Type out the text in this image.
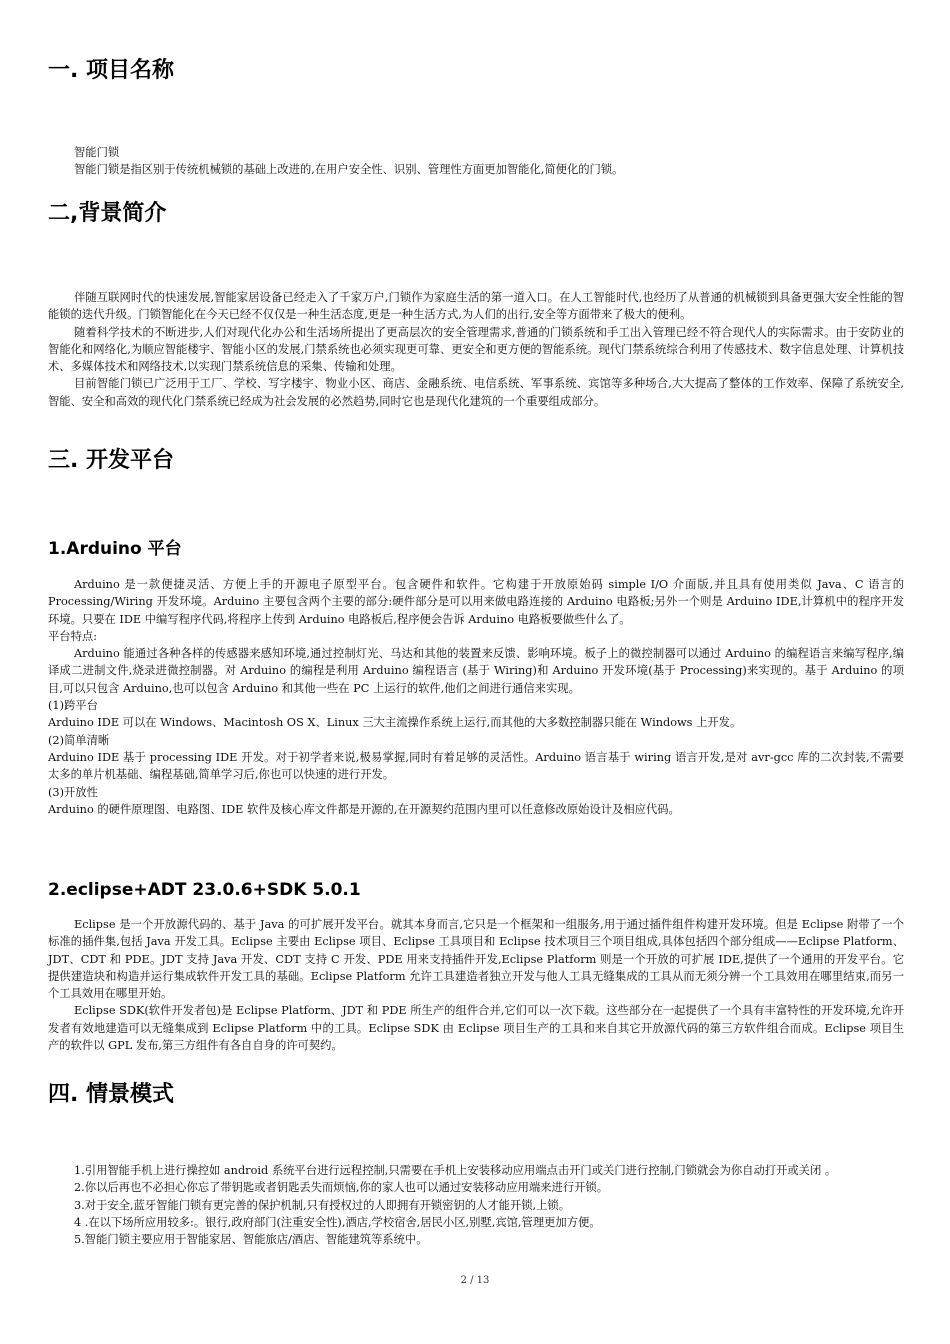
一. 项目名称

智能门锁

智能门锁是指区别于传统机械锁的基础上改进的,在用户安全性、识别、管理性方面更加智能化,简便化的门锁。

二,背景简介

伴随互联网时代的快速发展,智能家居设备已经走入了千家万户,门锁作为家庭生活的第一道入口。在人工智能时代,也经历了从普通的机械锁到具备更强大安全性能的智能锁的迭代升级。门锁智能化在今天已经不仅仅是一种生活态度,更是一种生活方式,为人们的出行,安全等方面带来了极大的便利。

随着科学技术的不断进步,人们对现代化办公和生活场所提出了更高层次的安全管理需求,普通的门锁系统和手工出入管理已经不符合现代人的实际需求。由于安防业的智能化和网络化,为顺应智能楼宇、智能小区的发展,门禁系统也必须实现更可靠、更安全和更方便的智能系统。现代门禁系统综合利用了传感技术、数字信息处理、计算机技术、多媒体技术和网络技术,以实现门禁系统信息的采集、传输和处理。

目前智能门锁已广泛用于工厂、学校、写字楼宇、物业小区、商店、金融系统、电信系统、军事系统、宾馆等多种场合,大大提高了整体的工作效率、保障了系统安全,智能、安全和高效的现代化门禁系统已经成为社会发展的必然趋势,同时它也是现代化建筑的一个重要组成部分。

三. 开发平台
1.Arduino 平台

Arduino 是一款便捷灵活、方便上手的开源电子原型平台。包含硬件和软件。它构建于开放原始码 simple I/O 介面版,并且具有使用类似 Java、C 语言的 Processing/Wiring 开发环境。Arduino 主要包含两个主要的部分:硬件部分是可以用来做电路连接的 Arduino 电路板;另外一个则是 Arduino IDE,计算机中的程序开发环境。只要在 IDE 中编写程序代码,将程序上传到 Arduino 电路板后,程序便会告诉 Arduino 电路板要做些什么了。

平台特点:

Arduino 能通过各种各样的传感器来感知环境,通过控制灯光、马达和其他的装置来反馈、影响环境。板子上的微控制器可以通过 Arduino 的编程语言来编写程序,编译成二进制文件,烧录进微控制器。对 Arduino 的编程是利用 Arduino 编程语言 (基于 Wiring)和 Arduino 开发环境(基于 Processing)来实现的。基于 Arduino 的项目,可以只包含 Arduino,也可以包含 Arduino 和其他一些在 PC 上运行的软件,他们之间进行通信来实现。

(1)跨平台

Arduino IDE 可以在 Windows、Macintosh OS X、Linux 三大主流操作系统上运行,而其他的大多数控制器只能在 Windows 上开发。

(2)简单清晰

Arduino IDE 基于 processing IDE 开发。对于初学者来说,极易掌握,同时有着足够的灵活性。Arduino 语言基于 wiring 语言开发,是对 avr-gcc 库的二次封装,不需要太多的单片机基础、编程基础,简单学习后,你也可以快速的进行开发。

(3)开放性

Arduino 的硬件原理图、电路图、IDE 软件及核心库文件都是开源的,在开源契约范围内里可以任意修改原始设计及相应代码。

2.eclipse+ADT 23.0.6+SDK 5.0.1

Eclipse 是一个开放源代码的、基于 Java 的可扩展开发平台。就其本身而言,它只是一个框架和一组服务,用于通过插件组件构建开发环境。但是 Eclipse 附带了一个标准的插件集,包括 Java 开发工具。Eclipse 主要由 Eclipse 项目、Eclipse 工具项目和 Eclipse 技术项目三个项目组成,具体包括四个部分组成——Eclipse Platform、JDT、CDT 和 PDE。JDT 支持 Java 开发、CDT 支持 C 开发、PDE 用来支持插件开发,Eclipse Platform 则是一个开放的可扩展 IDE,提供了一个通用的开发平台。它提供建造块和构造并运行集成软件开发工具的基础。Eclipse Platform 允许工具建造者独立开发与他人工具无缝集成的工具从而无须分辨一个工具效用在哪里结束,而另一个工具效用在哪里开始。

Eclipse SDK(软件开发者包)是 Eclipse Platform、JDT 和 PDE 所生产的组件合并,它们可以一次下载。这些部分在一起提供了一个具有丰富特性的开发环境,允许开发者有效地建造可以无缝集成到 Eclipse Platform 中的工具。Eclipse SDK 由 Eclipse 项目生产的工具和来自其它开放源代码的第三方软件组合而成。Eclipse 项目生产的软件以 GPL 发布,第三方组件有各自自身的许可契约。

四. 情景模式

1.引用智能手机上进行操控如 android 系统平台进行远程控制,只需要在手机上安装移动应用端点击开门或关门进行控制,门锁就会为你自动打开或关闭 。

2.你以后再也不必担心你忘了带钥匙或者钥匙丢失而烦恼,你的家人也可以通过安装移动应用端来进行开锁。

3.对于安全,蓝牙智能门锁有更完善的保护机制,只有授权过的人即拥有开锁密钥的人才能开锁,上锁。

4 .在以下场所应用较多:。银行,政府部门(注重安全性),酒店,学校宿舍,居民小区,别墅,宾馆,管理更加方便。

5.智能门锁主要应用于智能家居、智能旅店/酒店、智能建筑等系统中。

2 / 13
